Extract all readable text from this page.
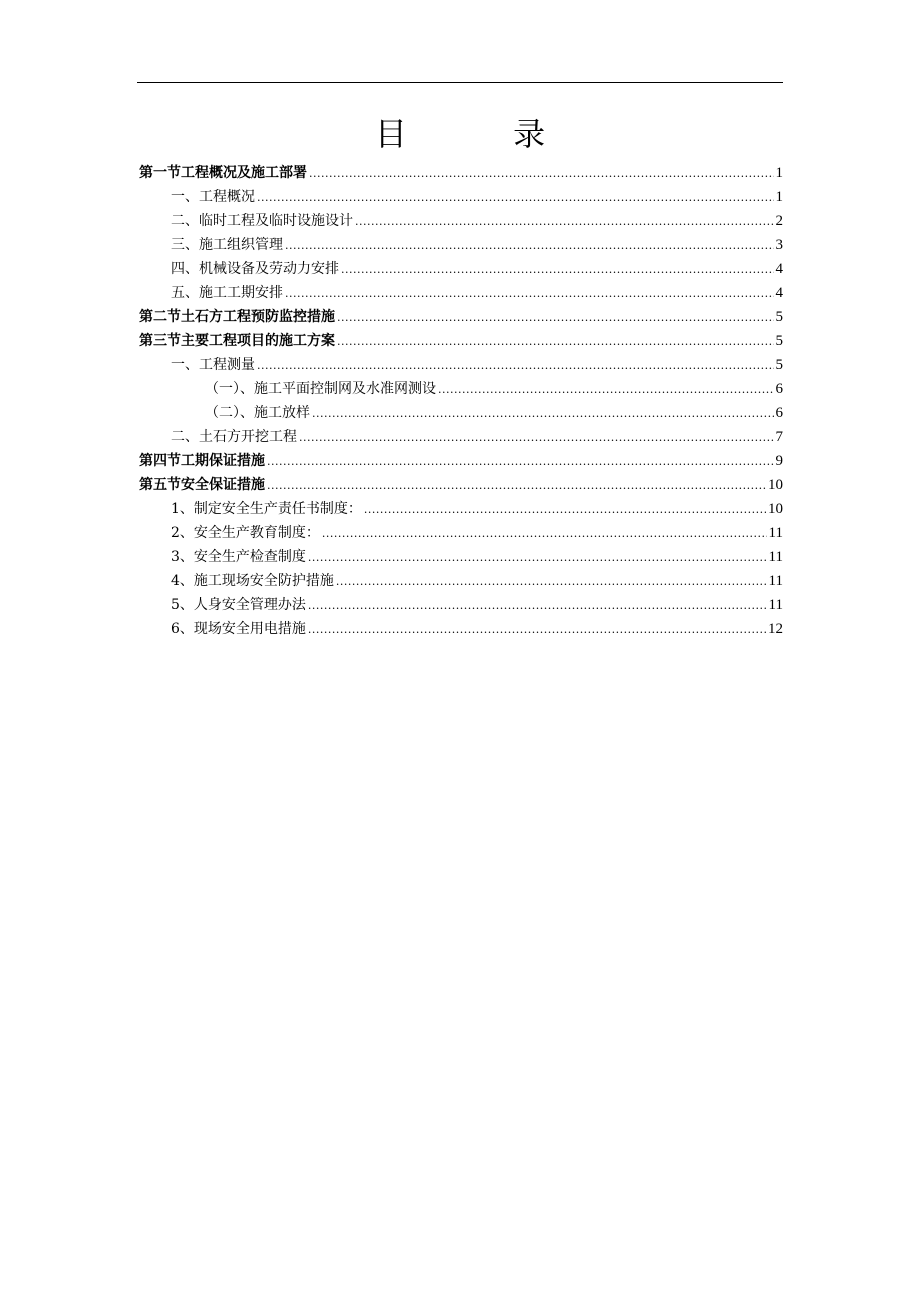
目 录
第一节 工程概况及施工部署 .....	1
一、工程概况 .....	1
二、临时工程及临时设施设计 .....	2
三、施工组织管理 .....	3
四、机械设备及劳动力安排 .....	4
五、施工工期安排 .....	4
第二节 土石方工程预防监控措施 .....	5
第三节 主要工程项目的施工方案 .....	5
一、工程测量 .....	5
（一）、施工平面控制网及水准网测设 .....	6
（二）、施工放样 .....	6
二、土石方开挖工程 .....	7
第四节 工期保证措施 .....	9
第五节 安全保证措施 .....	10
1、制定安全生产责任书制度： .....	10
2、安全生产教育制度： .....	11
3、安全生产检查制度 .....	11
4、施工现场安全防护措施 .....	11
5、人身安全管理办法 .....	11
6、现场安全用电措施 .....	12
